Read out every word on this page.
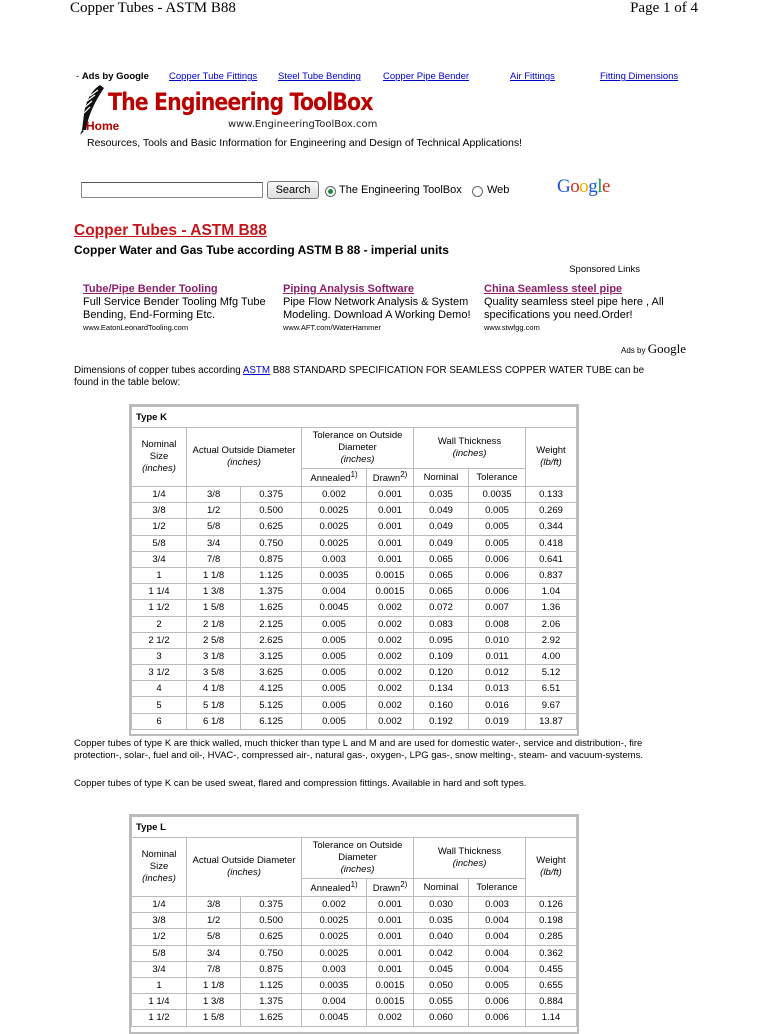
Copper Tubes - ASTM B88	Page 1 of 4
- Ads by Google Copper Tube Fittings Steel Tube Bending Copper Pipe Bender	Air Fittings	Fitting Dimensions
The Engineering ToolBox
Home	www.EngineeringToolBox.com
Resources, Tools and Basic Information for Engineering and Design of Technical Applications!
Search	The Engineering ToolBox Web	Google
Copper Tubes - ASTM B88
Copper Water and Gas Tube according ASTM B 88 - imperial units
Sponsored Links
Tube/Pipe Bender Tooling
Full Service Bender Tooling Mfg Tube Bending, End-Forming Etc.
www.EatonLeonardTooling.com
Piping Analysis Software
Pipe Flow Network Analysis & System Modeling. Download A Working Demo!
www.AFT.com/WaterHammer
China Seamless steel pipe
Quality seamless steel pipe here , All specifications you need.Order!
www.stwfgg.com
Ads by Google
Dimensions of copper tubes according ASTM B88 STANDARD SPECIFICATION FOR SEAMLESS COPPER WATER TUBE can be found in the table below:
Type K							
Nominal Size
(inches)	Actual Outside Diameter
(inches)		Tolerance on Outside Diameter
(inches)		Wall Thickness
(inches)		Weight
(lb/ft)
			Annealed$^{1)}$	Drawn$^{2)}$	Nominal	Tolerance	
1/4	3/8	0.375	0.002	0.001	0.035	0.0035	0.133
3/8	1/2	0.500	0.0025	0.001	0.049	0.005	0.269
1/2	5/8	0.625	0.0025	0.001	0.049	0.005	0.344
5/8	3/4	0.750	0.0025	0.001	0.049	0.005	0.418
3/4	7/8	0.875	0.003	0.001	0.065	0.006	0.641
1	1 1/8	1.125	0.0035	0.0015	0.065	0.006	0.837
1 1/4	1 3/8	1.375	0.004	0.0015	0.065	0.006	1.04
1 1/2	1 5/8	1.625	0.0045	0.002	0.072	0.007	1.36
2	2 1/8	2.125	0.005	0.002	0.083	0.008	2.06
2 1/2	2 5/8	2.625	0.005	0.002	0.095	0.010	2.92
3	3 1/8	3.125	0.005	0.002	0.109	0.011	4.00
3 1/2	3 5/8	3.625	0.005	0.002	0.120	0.012	5.12
4	4 1/8	4.125	0.005	0.002	0.134	0.013	6.51
5	5 1/8	5.125	0.005	0.002	0.160	0.016	9.67
6	6 1/8	6.125	0.005	0.002	0.192	0.019	13.87
Copper tubes of type K are thick walled, much thicker than type L and M and are used for domestic water-, service and distribution-, fire protection-, solar-, fuel and oil-, HVAC-, compressed air-, natural gas-, oxygen-, LPG gas-, snow melting-, steam- and vacuum-systems.
Copper tubes of type K can be used sweat, flared and compression fittings. Available in hard and soft types.
Type L							
Nominal Size
(inches)	Actual Outside Diameter
(inches)		Tolerance on Outside Diameter
(inches)		Wall Thickness
(inches)		Weight
(lb/ft)
			Annealed$^{1)}$	Drawn$^{2)}$	Nominal	Tolerance	
1/4	3/8	0.375	0.002	0.001	0.030	0.003	0.126
3/8	1/2	0.500	0.0025	0.001	0.035	0.004	0.198
1/2	5/8	0.625	0.0025	0.001	0.040	0.004	0.285
5/8	3/4	0.750	0.0025	0.001	0.042	0.004	0.362
3/4	7/8	0.875	0.003	0.001	0.045	0.004	0.455
1	1 1/8	1.125	0.0035	0.0015	0.050	0.005	0.655
1 1/4	1 3/8	1.375	0.004	0.0015	0.055	0.006	0.884
1 1/2	1 5/8	1.625	0.0045	0.002	0.060	0.006	1.14
